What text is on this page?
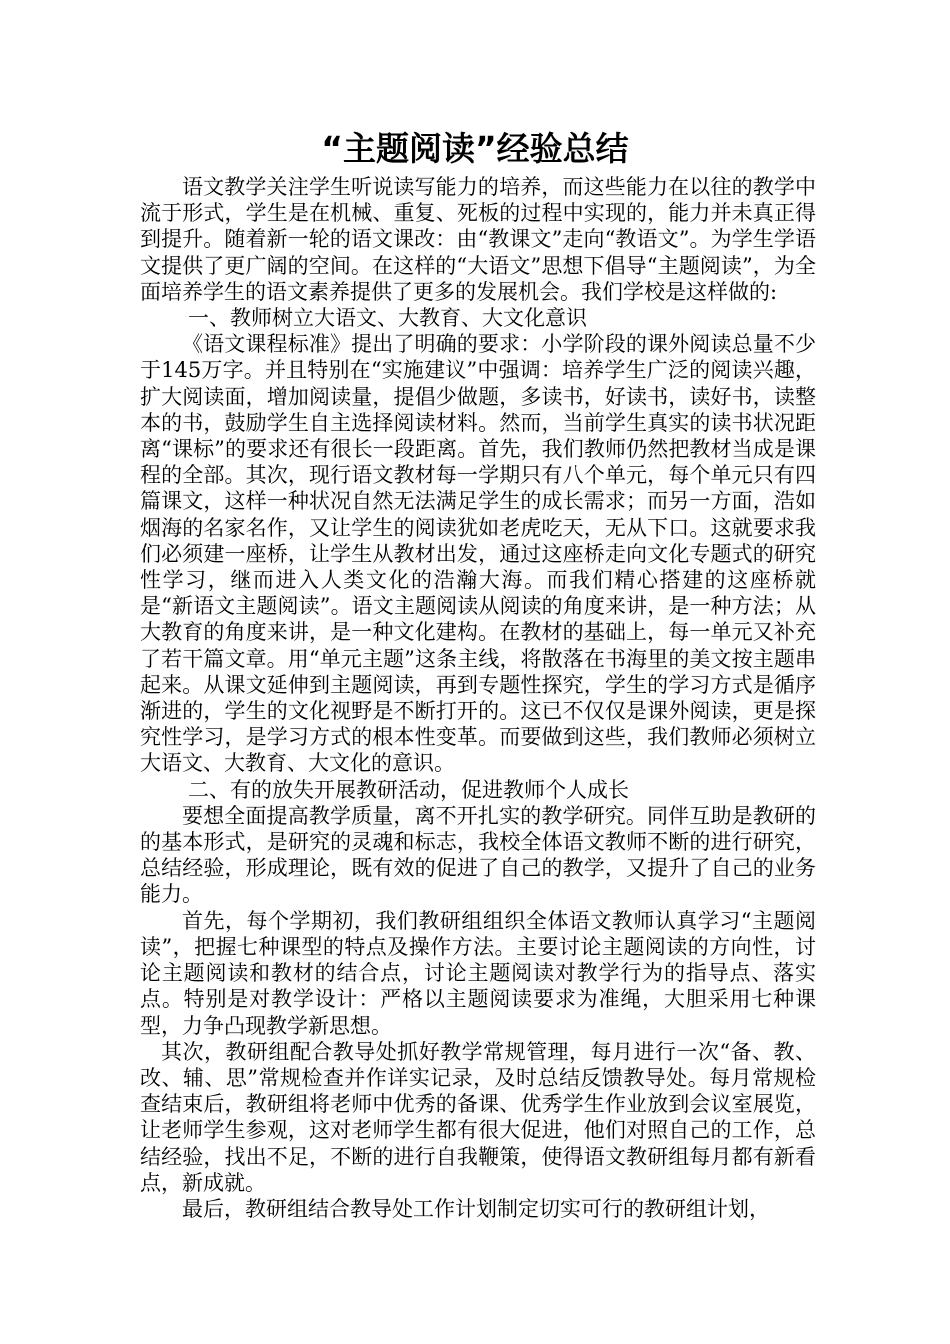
“主题阅读”经验总结

语文教学关注学生听说读写能力的培养，而这些能力在以往的教学中流于形式，学生是在机械、重复、死板的过程中实现的，能力并未真正得到提升。随着新一轮的语文课改：由“教课文”走向“教语文”。为学生学语文提供了更广阔的空间。在这样的“大语文”思想下倡导“主题阅读”，为全面培养学生的语文素养提供了更多的发展机会。我们学校是这样做的:

一、教师树立大语文、大教育、大文化意识

《语文课程标准》提出了明确的要求：小学阶段的课外阅读总量不少于145万字。并且特别在“实施建议”中强调：培养学生广泛的阅读兴趣，扩大阅读面，增加阅读量，提倡少做题，多读书，好读书，读好书，读整本的书，鼓励学生自主选择阅读材料。然而，当前学生真实的读书状况距离“课标”的要求还有很长一段距离。首先，我们教师仍然把教材当成是课程的全部。其次，现行语文教材每一学期只有八个单元，每个单元只有四篇课文，这样一种状况自然无法满足学生的成长需求；而另一方面，浩如烟海的名家名作，又让学生的阅读犹如老虎吃天，无从下口。这就要求我们必须建一座桥，让学生从教材出发，通过这座桥走向文化专题式的研究性学习，继而进入人类文化的浩瀚大海。而我们精心搭建的这座桥就是“新语文主题阅读”。语文主题阅读从阅读的角度来讲，是一种方法；从大教育的角度来讲，是一种文化建构。在教材的基础上，每一单元又补充了若干篇文章。用“单元主题”这条主线，将散落在书海里的美文按主题串起来。从课文延伸到主题阅读，再到专题性探究，学生的学习方式是循序渐进的，学生的文化视野是不断打开的。这已不仅仅是课外阅读，更是探究性学习，是学习方式的根本性变革。而要做到这些，我们教师必须树立大语文、大教育、大文化的意识。

二、有的放失开展教研活动，促进教师个人成长

要想全面提高教学质量，离不开扎实的教学研究。同伴互助是教研的的基本形式，是研究的灵魂和标志，我校全体语文教师不断的进行研究，总结经验，形成理论，既有效的促进了自己的教学，又提升了自己的业务能力。

首先，每个学期初，我们教研组组织全体语文教师认真学习“主题阅读”，把握七种课型的特点及操作方法。主要讨论主题阅读的方向性，讨论主题阅读和教材的结合点，讨论主题阅读对教学行为的指导点、落实点。特别是对教学设计：严格以主题阅读要求为准绳，大胆采用七种课型，力争凸现教学新思想。

其次，教研组配合教导处抓好教学常规管理，每月进行一次“备、教、改、辅、思”常规检查并作详实记录，及时总结反馈教导处。每月常规检查结束后，教研组将老师中优秀的备课、优秀学生作业放到会议室展览，让老师学生参观，这对老师学生都有很大促进，他们对照自己的工作，总结经验，找出不足，不断的进行自我鞭策，使得语文教研组每月都有新看点，新成就。

最后，教研组结合教导处工作计划制定切实可行的教研组计划，
